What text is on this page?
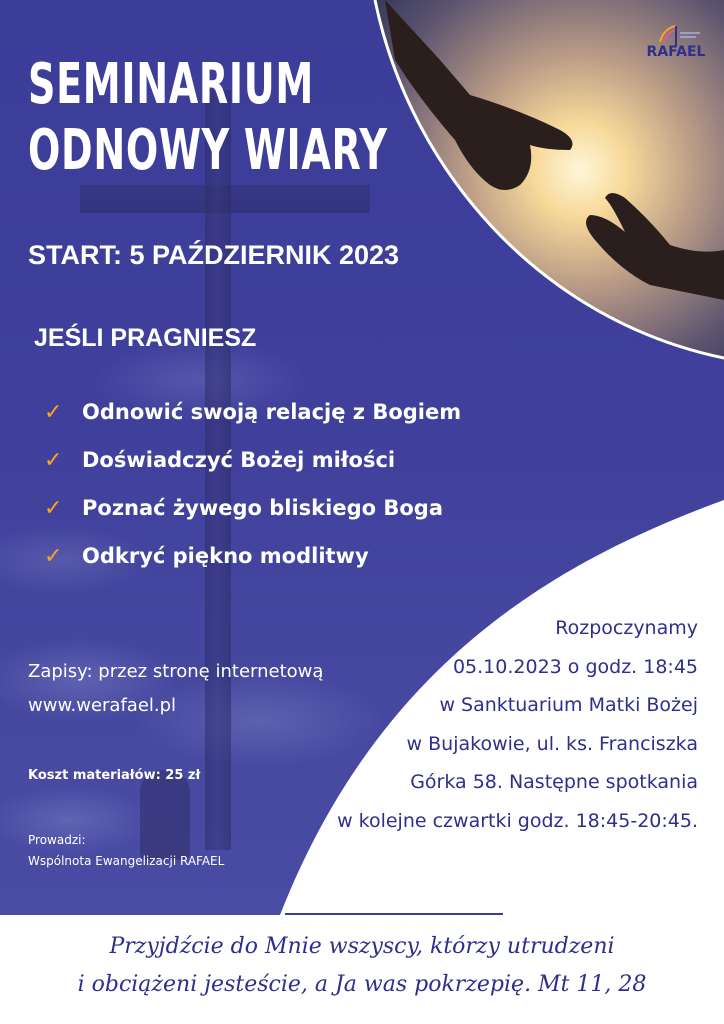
RAFAEL
SEMINARIUM
ODNOWY WIARY
START: 5 PAŹDZIERNIK 2023
JEŚLI PRAGNIESZ
✓ Odnowić swoją relację z Bogiem
✓ Doświadczyć Bożej miłości
✓ Poznać żywego bliskiego Boga
✓ Odkryć piękno modlitwy
Zapisy: przez stronę internetową
www.werafael.pl
Koszt materiałów: 25 zł
Prowadzi:
Wspólnota Ewangelizacji RAFAEL
Rozpoczynamy
05.10.2023 o godz. 18:45
w Sanktuarium Matki Bożej
w Bujakowie, ul. ks. Franciszka
Górka 58. Następne spotkania
w kolejne czwartki godz. 18:45-20:45.
Przyjdźcie do Mnie wszyscy, którzy utrudzeni
i obciążeni jesteście, a Ja was pokrzepię. Mt 11, 28
